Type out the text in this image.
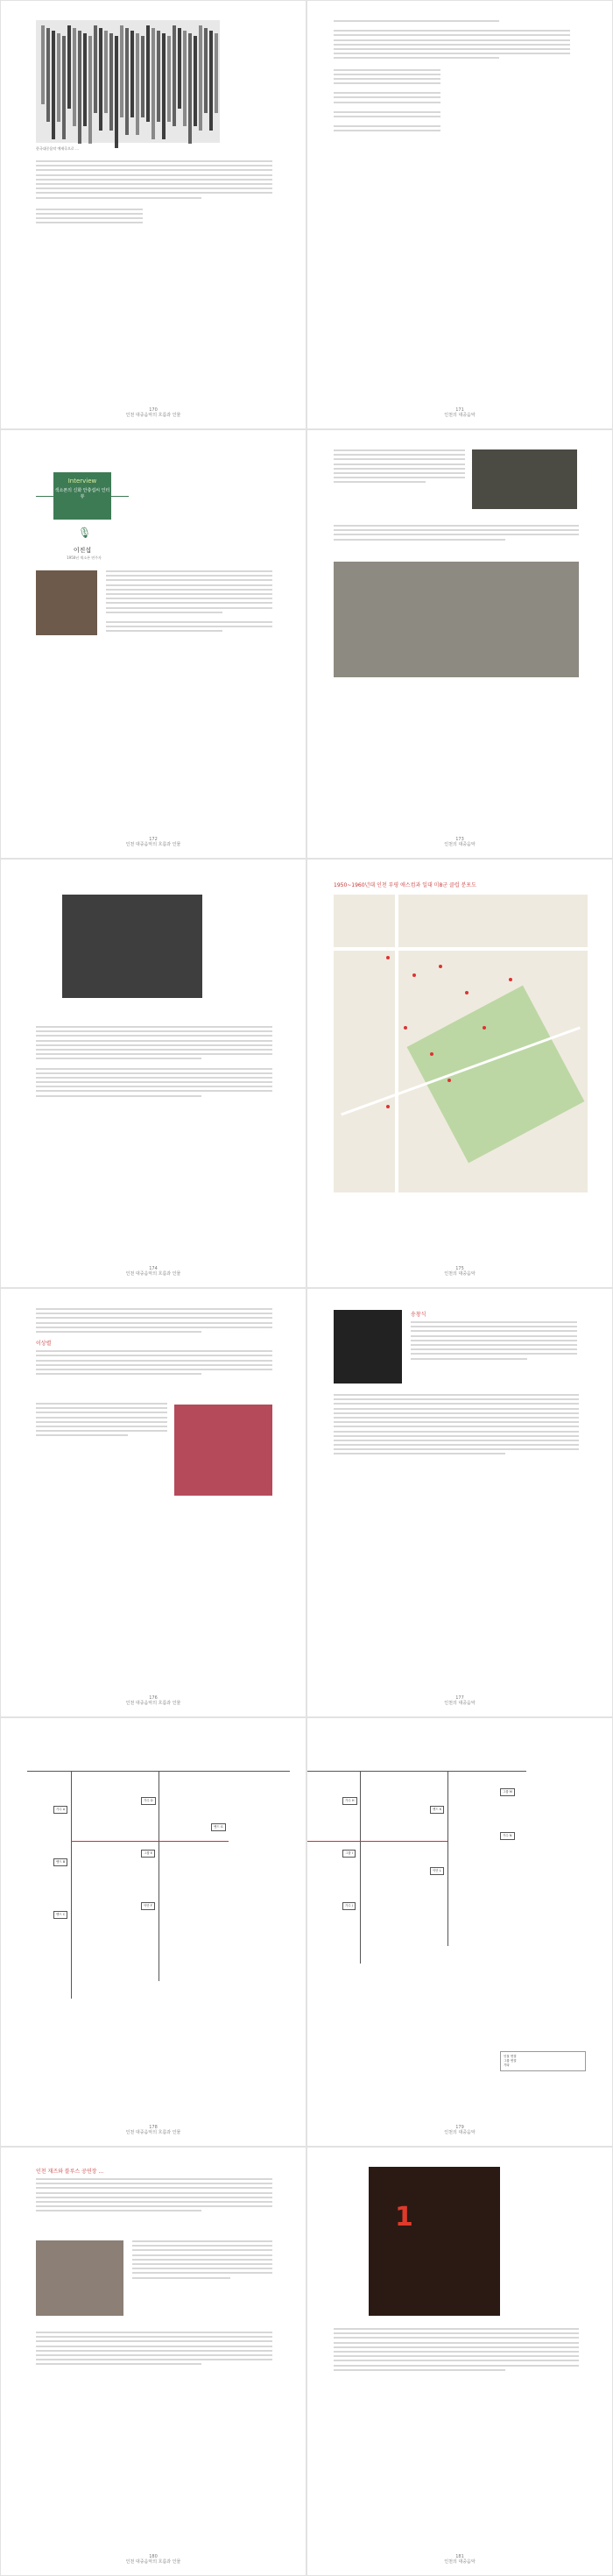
한국대중음악 예제곡으로 ...
170
인천 대중음악의 흐름과 인물
171
인천의 대중음악
Interview
색소폰의 신화 안충섭씨 인터뷰
🎙
이진섭
1950년 색소폰 연주자
172
인천 대중음악의 흐름과 인물
173
인천의 대중음악
174
인천 대중음악의 흐름과 인물
1950~1960년대 인천 부평 애스컴과 일대 미8군 클럽 분포도
175
인천의 대중음악
이상렬
176
인천 대중음악의 흐름과 인물
송창식
177
인천의 대중음악
가수 A
밴드 B
밴드 C
가수 D
그룹 E
악단 F
밴드 G
178
인천 대중음악의 흐름과 인물
가수 H
그룹 I
가수 J
밴드 K
악단 L
그룹 M
가수 N
인물 연결
그룹 연결
기타
179
인천의 대중음악
인천 재즈와 블루스 공연장 ...
180
인천 대중음악의 흐름과 인물
1
181
인천의 대중음악
